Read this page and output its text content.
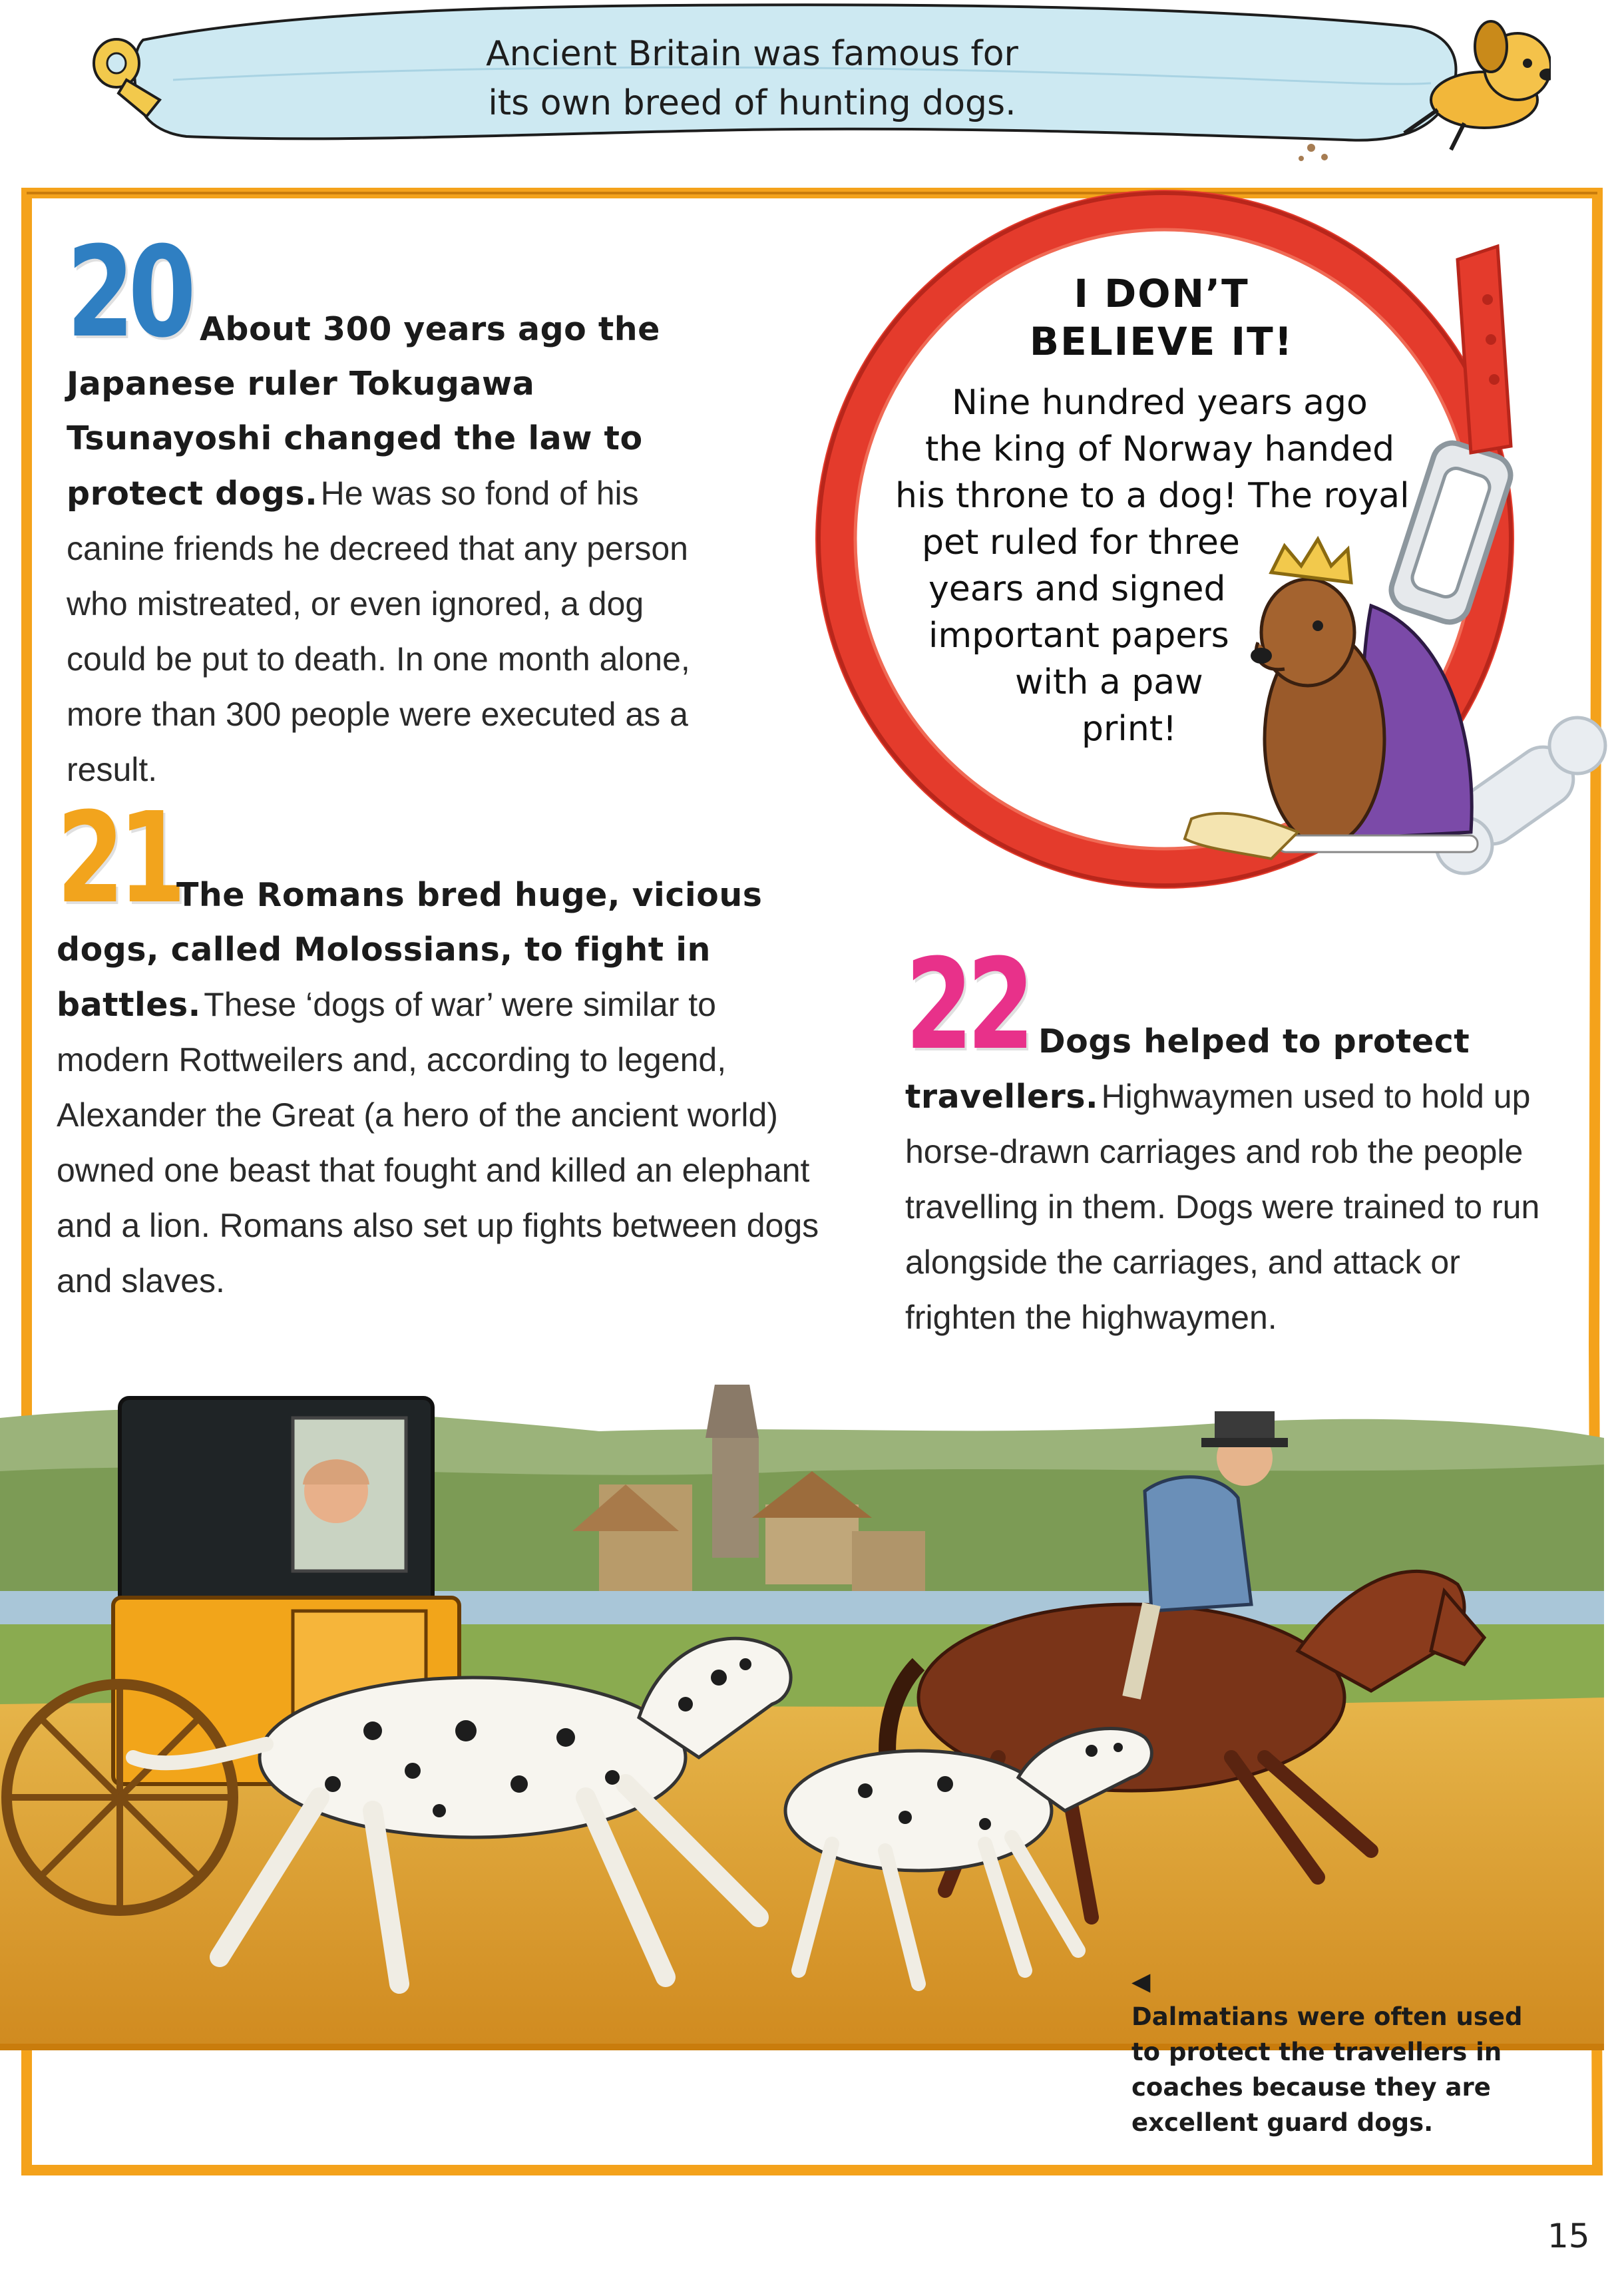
Ancient Britain was famous for
its own breed of hunting dogs.
20 About 300 years ago the Japanese ruler Tokugawa Tsunayoshi changed the law to protect dogs. He was so fond of his canine friends he decreed that any person who mistreated, or even ignored, a dog could be put to death. In one month alone, more than 300 people were executed as a result.

21

The Romans bred huge, vicious dogs, called Molossians, to fight in battles. These ‘dogs of war’ were similar to modern Rottweilers and, according to legend, Alexander the Great (a hero of the ancient world) owned one beast that fought and killed an elephant and a lion. Romans also set up fights between dogs and slaves.

I DON’T
BELIEVE IT!
Nine hundred years ago
the king of Norway handed
his throne to a dog! The royal
pet ruled for three
years and signed
important papers
with a paw
print!
22 Dogs helped to protect travellers. Highwaymen used to hold up horse-drawn carriages and rob the people travelling in them. Dogs were trained to run alongside the carriages, and attack or frighten the highwaymen.

◀
Dalmatians were often used
to protect the travellers in
coaches because they are
excellent guard dogs.
15
